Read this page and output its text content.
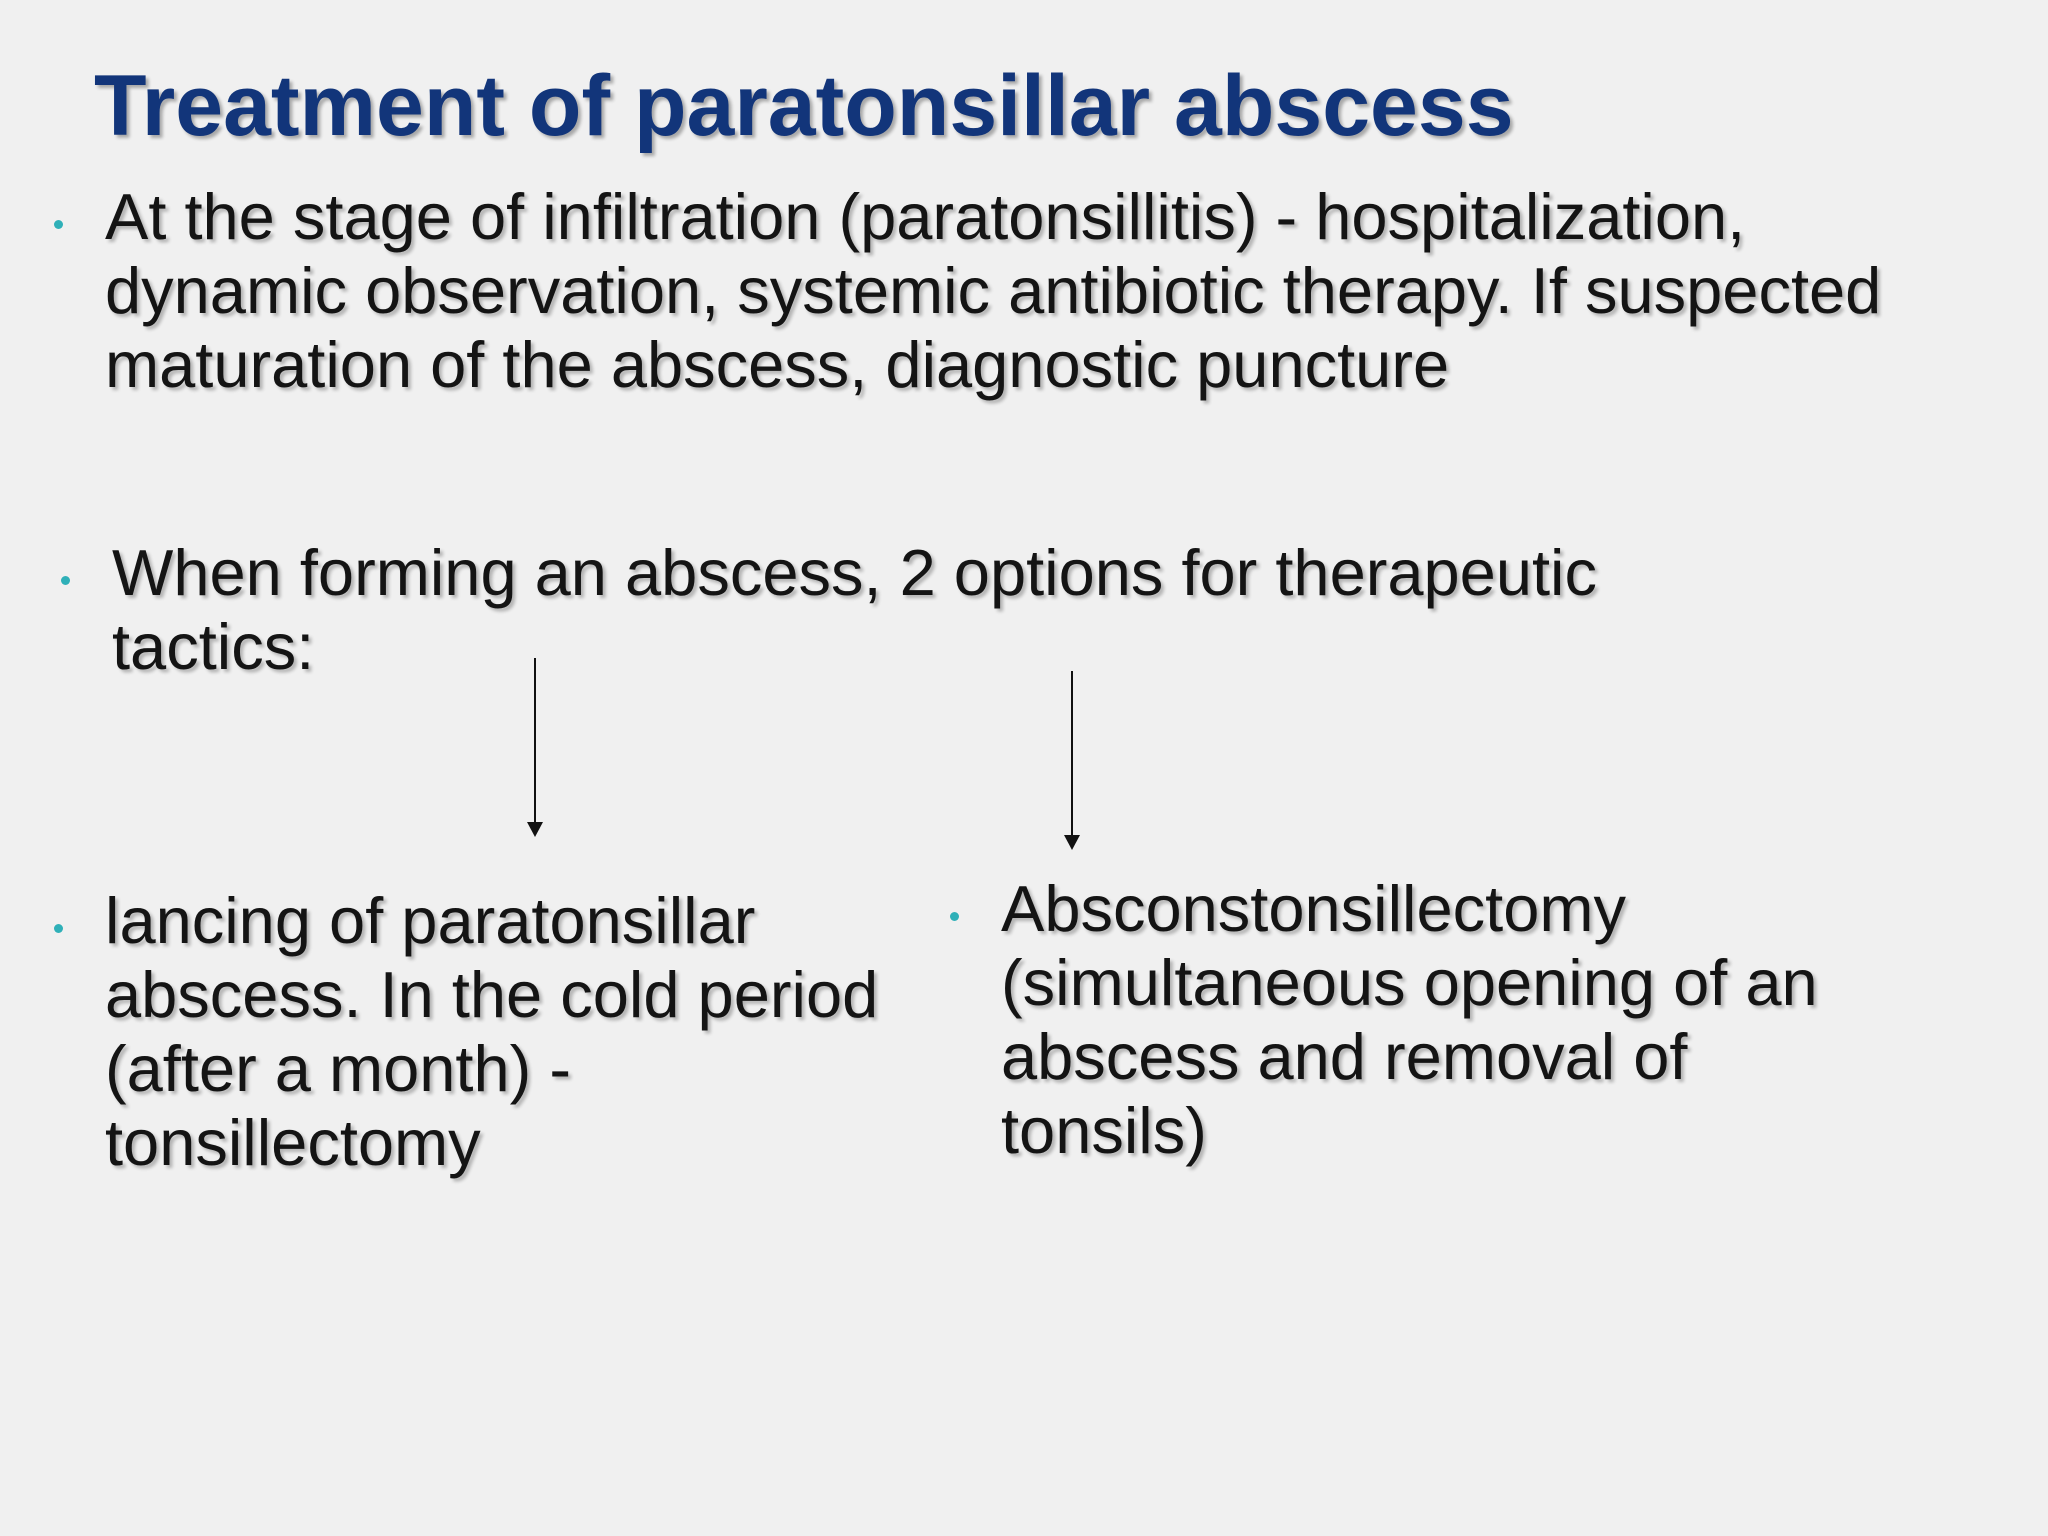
Treatment of paratonsillar abscess
At the stage of infiltration (paratonsillitis) - hospitalization,
dynamic observation, systemic antibiotic therapy. If suspected
maturation of the abscess, diagnostic puncture
When forming an abscess, 2 options for therapeutic
tactics:
lancing of paratonsillar
abscess. In the cold period
(after a month) -
tonsillectomy
Absconstonsillectomy
(simultaneous opening of an
abscess and removal of
tonsils)
